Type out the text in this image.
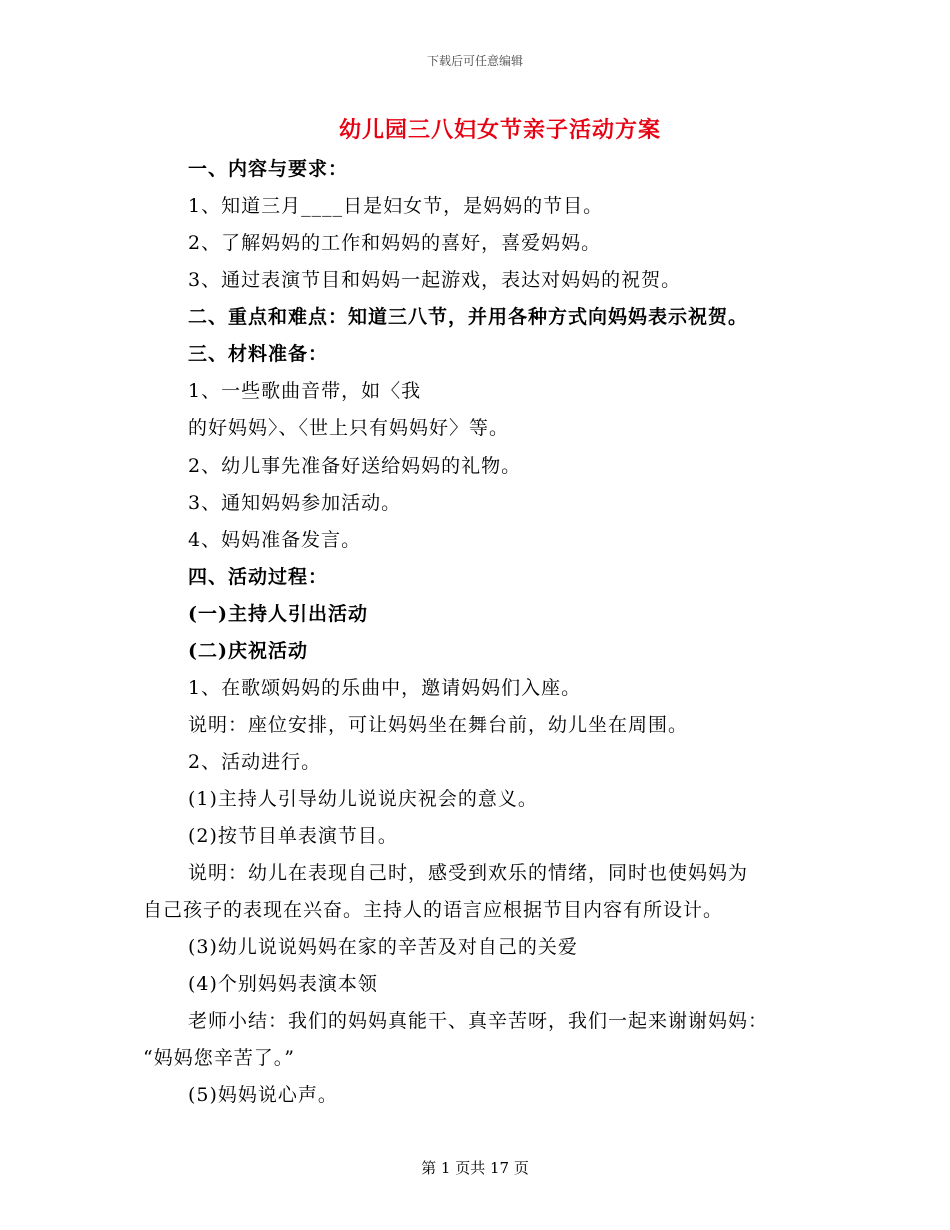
下载后可任意编辑
幼儿园三八妇女节亲子活动方案
一、内容与要求：
1、知道三月____日是妇女节，是妈妈的节目。
2、了解妈妈的工作和妈妈的喜好，喜爱妈妈。
3、通过表演节目和妈妈一起游戏，表达对妈妈的祝贺。
二、重点和难点：知道三八节，并用各种方式向妈妈表示祝贺。
三、材料准备：
1、一些歌曲音带，如〈我
的好妈妈〉、〈世上只有妈妈好〉等。
2、幼儿事先准备好送给妈妈的礼物。
3、通知妈妈参加活动。
4、妈妈准备发言。
四、活动过程：
(一)主持人引出活动
(二)庆祝活动
1、在歌颂妈妈的乐曲中，邀请妈妈们入座。
说明：座位安排，可让妈妈坐在舞台前，幼儿坐在周围。
2、活动进行。
(1)主持人引导幼儿说说庆祝会的意义。
(2)按节目单表演节目。
说明：幼儿在表现自己时，感受到欢乐的情绪，同时也使妈妈为
自己孩子的表现在兴奋。主持人的语言应根据节目内容有所设计。
(3)幼儿说说妈妈在家的辛苦及对自己的关爱
(4)个别妈妈表演本领
老师小结：我们的妈妈真能干、真辛苦呀，我们一起来谢谢妈妈：
“妈妈您辛苦了。”
(5)妈妈说心声。
第 1 页共 17 页
